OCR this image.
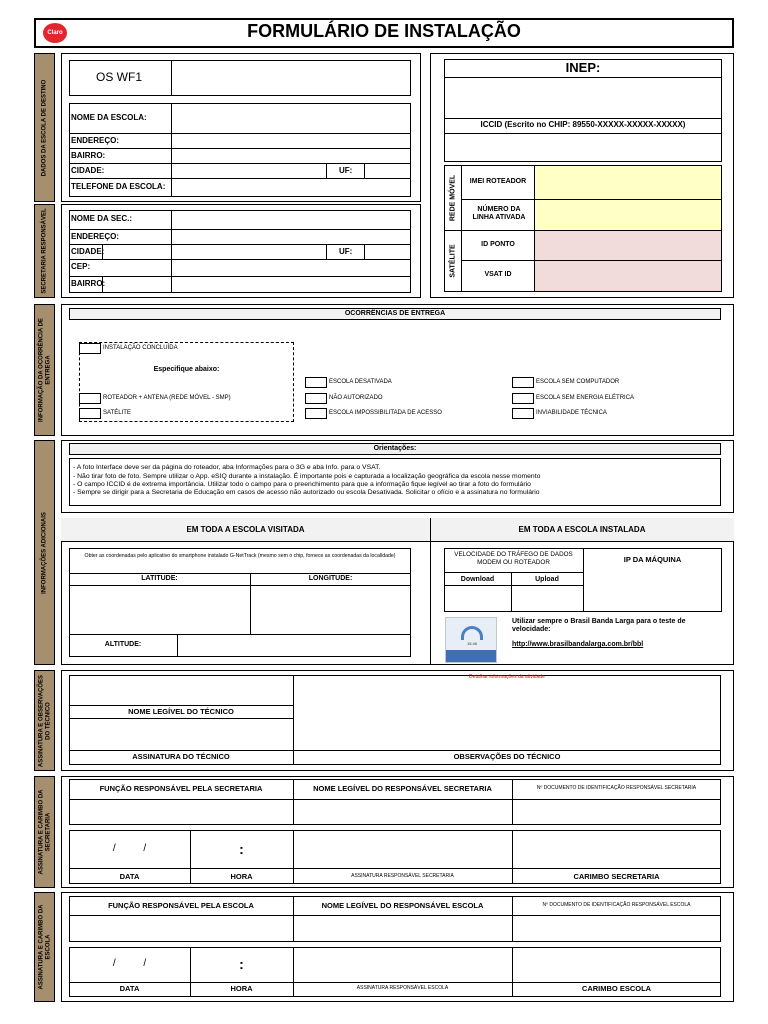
Claro	FORMULÁRIO DE INSTALAÇÃO
DADOS DA ESCOLA DE DESTINO
OS WF1
NOME DA ESCOLA:
ENDEREÇO:
BAIRRO:
CIDADE:	UF:
TELEFONE DA ESCOLA:
SECRETARIA RESPONSÁVEL	NOME DA SEC.:
ENDEREÇO:
CIDADE:	UF:
CEP:
BAIRRO:
INEP:
ICCID (Escrito no CHIP: 89550-XXXXX-XXXXX-XXXXX)
REDE MÓVEL
SATÉLITE
IMEI ROTEADOR
NÚMERO DA LINHA ATIVADA
ID PONTO
VSAT ID
INFORMAÇÃO DA OCORRÊNCIA DE ENTREGA
OCORRÊNCIAS DE ENTREGA
INSTALAÇÃO CONCLUÍDA
Especifique abaixo:
ROTEADOR + ANTENA (REDE MÓVEL - SMP)
SATÉLITE
ESCOLA DESATIVADA
NÃO AUTORIZADO
ESCOLA IMPOSSIBILITADA DE ACESSO
ESCOLA SEM COMPUTADOR
ESCOLA SEM ENERGIA ELÉTRICA
INVIABILIDADE TÉCNICA
INFORMAÇÕES ADICIONAIS
Orientações:
- A foto Interface deve ser da página do roteador, aba Informações para o 3G e aba Info. para o VSAT.
- Não tirar foto de foto. Sempre utilizar o App. eSIQ durante a instalação. É importante pois e capturada a localização geográfica da escola nesse momento
- O campo ICCID é de extrema importância. Utilizar todo o campo para o preenchimento para que a informação fique legível ao tirar a foto do formulário
- Sempre se dirigir para a Secretaria de Educação em casos de acesso não autorizado ou escola Desativada. Solicitar o ofício e a assinatura no formulário
EM TODA A ESCOLA VISITADA	EM TODA A ESCOLA INSTALADA
Obter as coordenadas pelo aplicativo do smartphone instalado G-NetTrack (mesmo sem o chip, fornece as coordenadas da localidade)
LATITUDE:	LONGITUDE:
ALTITUDE:
VELOCIDADE DO TRÁFEGO DE DADOS MODEM OU ROTEADOR	IP DA MÁQUINA
Download	Upload
15.46
Utilizar sempre o Brasil Banda Larga para o teste de velocidade:
http://www.brasilbandalarga.com.br/bbl
ASSINATURA E OBSERVAÇÕES DO TÉCNICO
Detalhar informações da atividade
NOME LEGÍVEL DO TÉCNICO
ASSINATURA DO TÉCNICO	OBSERVAÇÕES DO TÉCNICO
ASSINATURA E CARIMBO DA SECRETARIA
FUNÇÃO RESPONSÁVEL PELA SECRETARIA	NOME LEGÍVEL DO RESPONSÁVEL SECRETARIA	Nº DOCUMENTO DE IDENTIFICAÇÃO RESPONSÁVEL SECRETARIA
/          /	:
DATA	HORA	ASSINATURA RESPONSÁVEL SECRETARIA	CARIMBO SECRETARIA
ASSINATURA E CARIMBO DA ESCOLA
FUNÇÃO RESPONSÁVEL PELA ESCOLA	NOME LEGÍVEL DO RESPONSÁVEL ESCOLA	Nº DOCUMENTO DE IDENTIFICAÇÃO RESPONSÁVEL ESCOLA
/          /	:
DATA	HORA	ASSINATURA RESPONSÁVEL ESCOLA	CARIMBO ESCOLA
